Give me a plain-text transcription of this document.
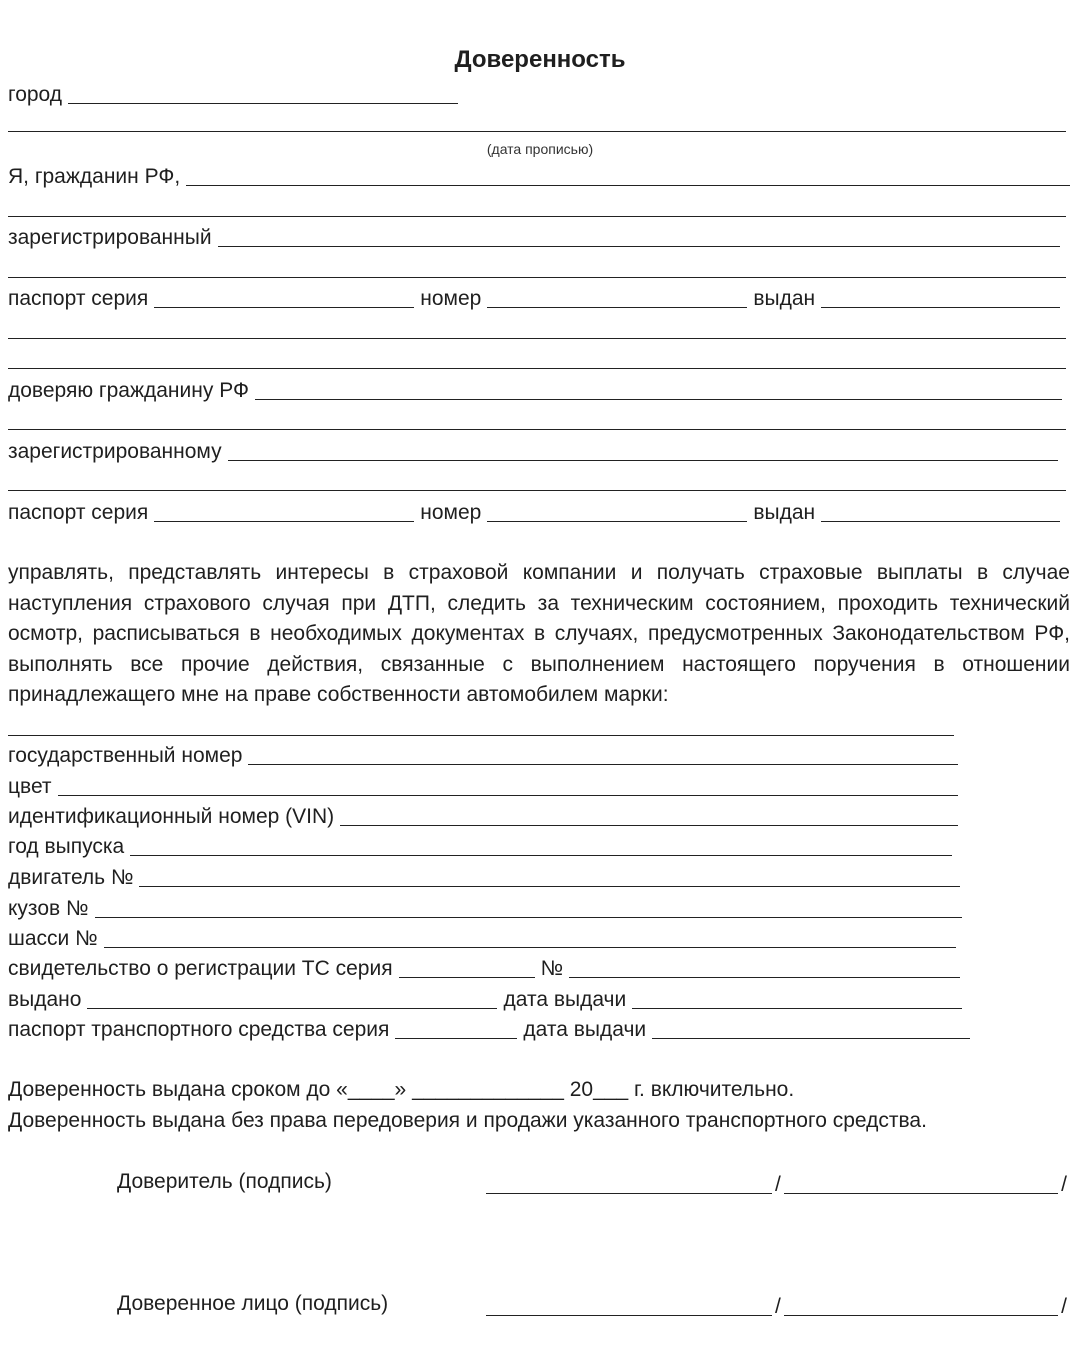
Доверенность
город
(дата прописью)
Я, гражданин РФ,
зарегистрированный
паспорт серия	номер	выдан
доверяю гражданину РФ
зарегистрированному
паспорт серия	номер	выдан
управлять, представлять интересы в страховой компании и получать страховые выплаты в случае наступления страхового случая при ДТП, следить за техническим состоянием, проходить технический осмотр, расписываться в необходимых документах в случаях, предусмотренных Законодательством РФ, выполнять все прочие действия, связанные с выполнением настоящего поручения в отношении принадлежащего мне на праве собственности автомобилем марки:
государственный номер
цвет
идентификационный номер (VIN)
год выпуска
двигатель №
кузов №
шасси №
свидетельство о регистрации ТС серия	№
выдано	дата выдачи
паспорт транспортного средства серия	дата выдачи
Доверенность выдана сроком до «____» _____________ 20___ г. включительно.
Доверенность выдана без права передоверия и продажи указанного транспортного средства.
Доверитель (подпись)	/	/
Доверенное лицо (подпись)	/	/
